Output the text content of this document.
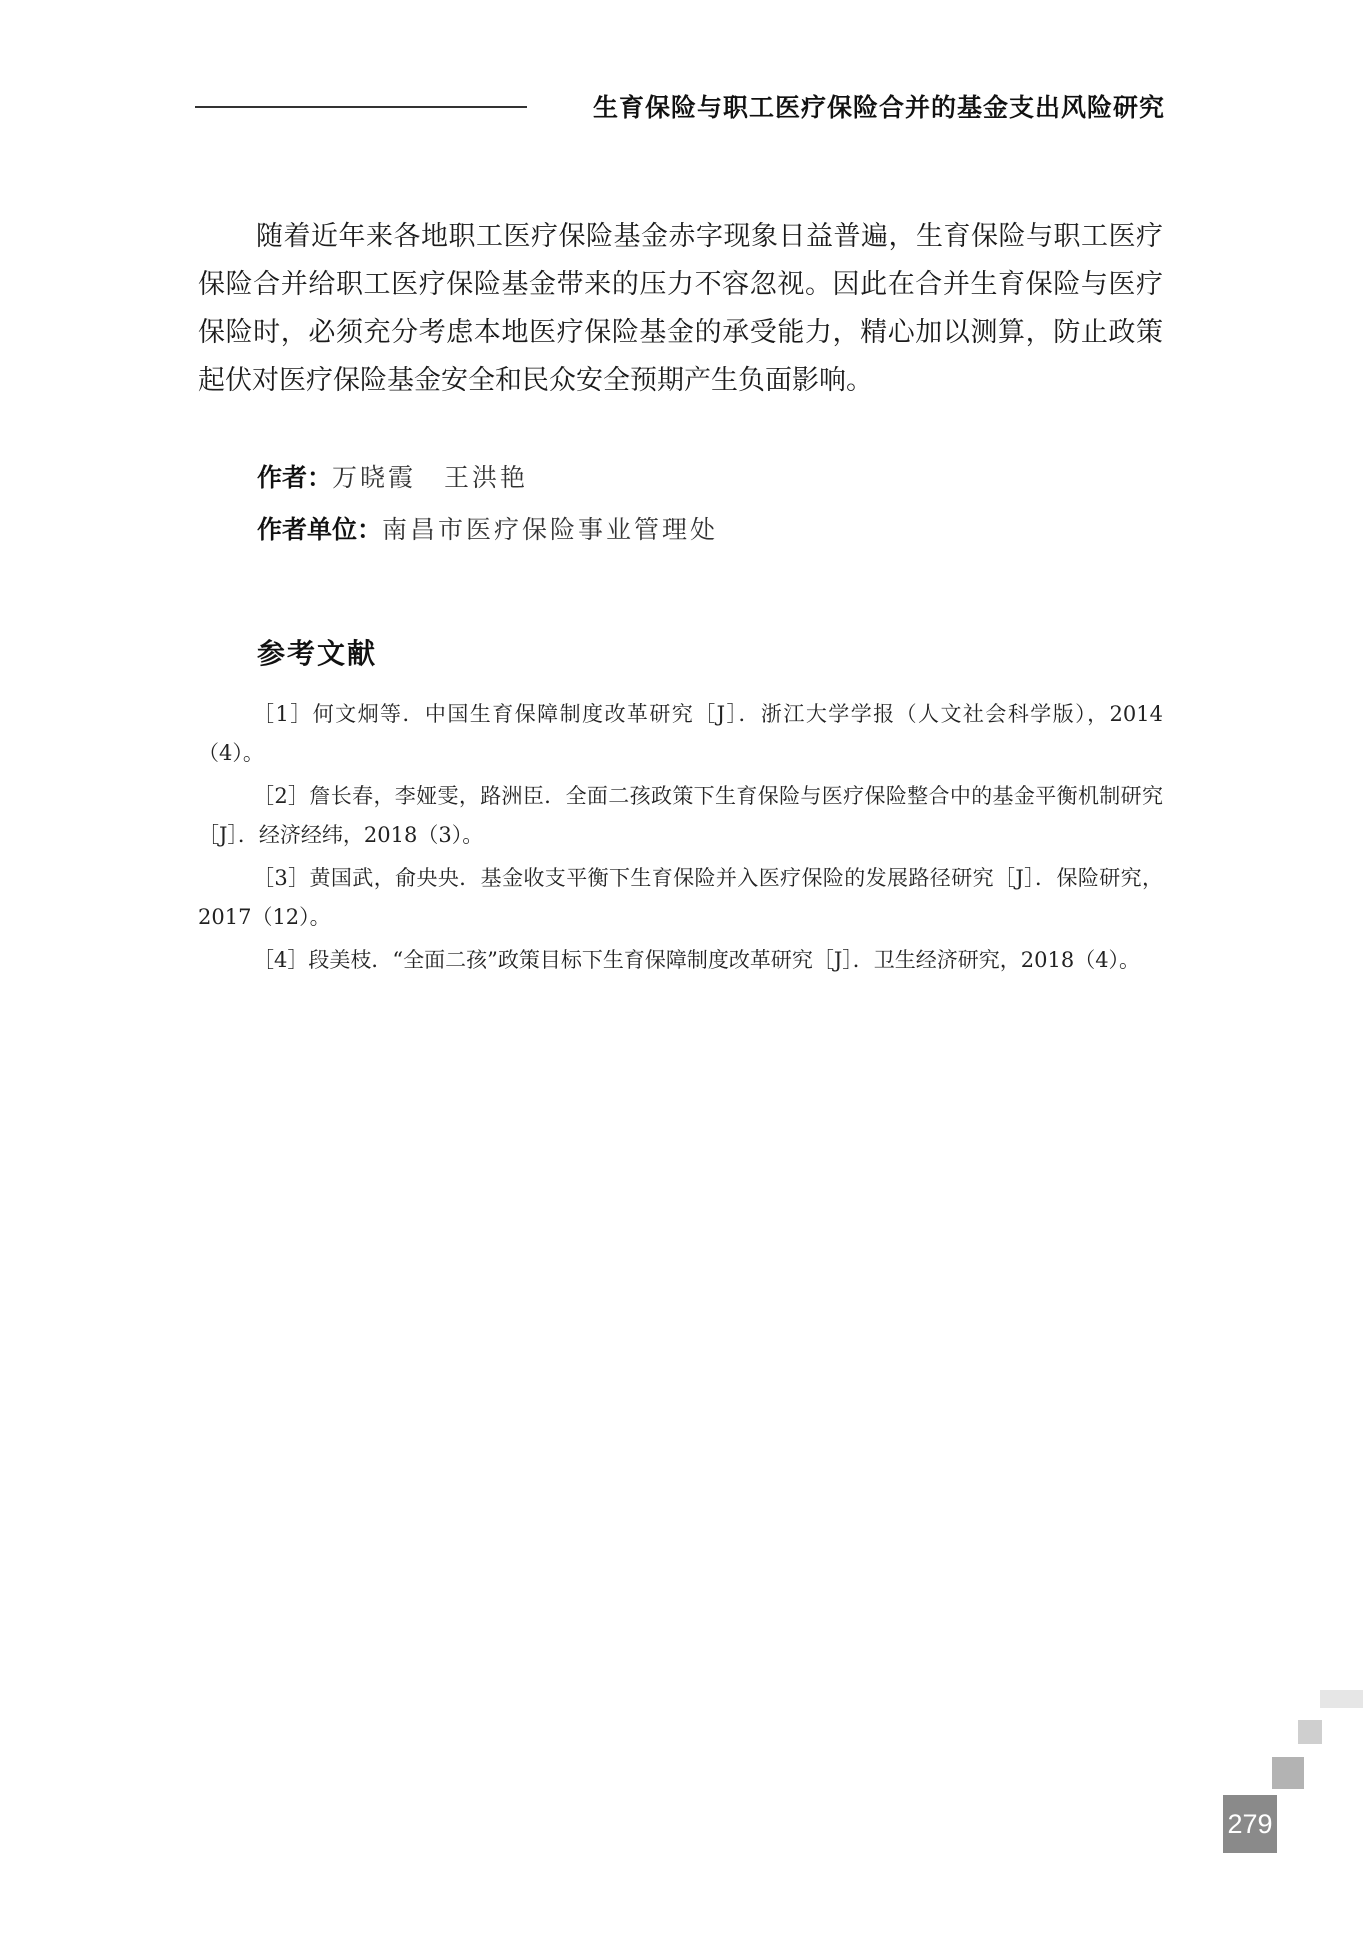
生育保险与职工医疗保险合并的基金支出风险研究

随着近年来各地职工医疗保险基金赤字现象日益普遍，生育保险与职工医疗保险合并给职工医疗保险基金带来的压力不容忽视。因此在合并生育保险与医疗保险时，必须充分考虑本地医疗保险基金的承受能力，精心加以测算，防止政策起伏对医疗保险基金安全和民众安全预期产生负面影响。

作者：万晓霞　王洪艳
作者单位：南昌市医疗保险事业管理处
参考文献

［1］何文炯等．中国生育保障制度改革研究［J］．浙江大学学报（人文社会科学版），2014（4）。

［2］詹长春，李娅雯，路洲臣．全面二孩政策下生育保险与医疗保险整合中的基金平衡机制研究［J］．经济经纬，2018（3）。

［3］黄国武，俞央央．基金收支平衡下生育保险并入医疗保险的发展路径研究［J］．保险研究，2017（12）。

［4］段美枝．“全面二孩”政策目标下生育保障制度改革研究［J］．卫生经济研究，2018（4）。

279
